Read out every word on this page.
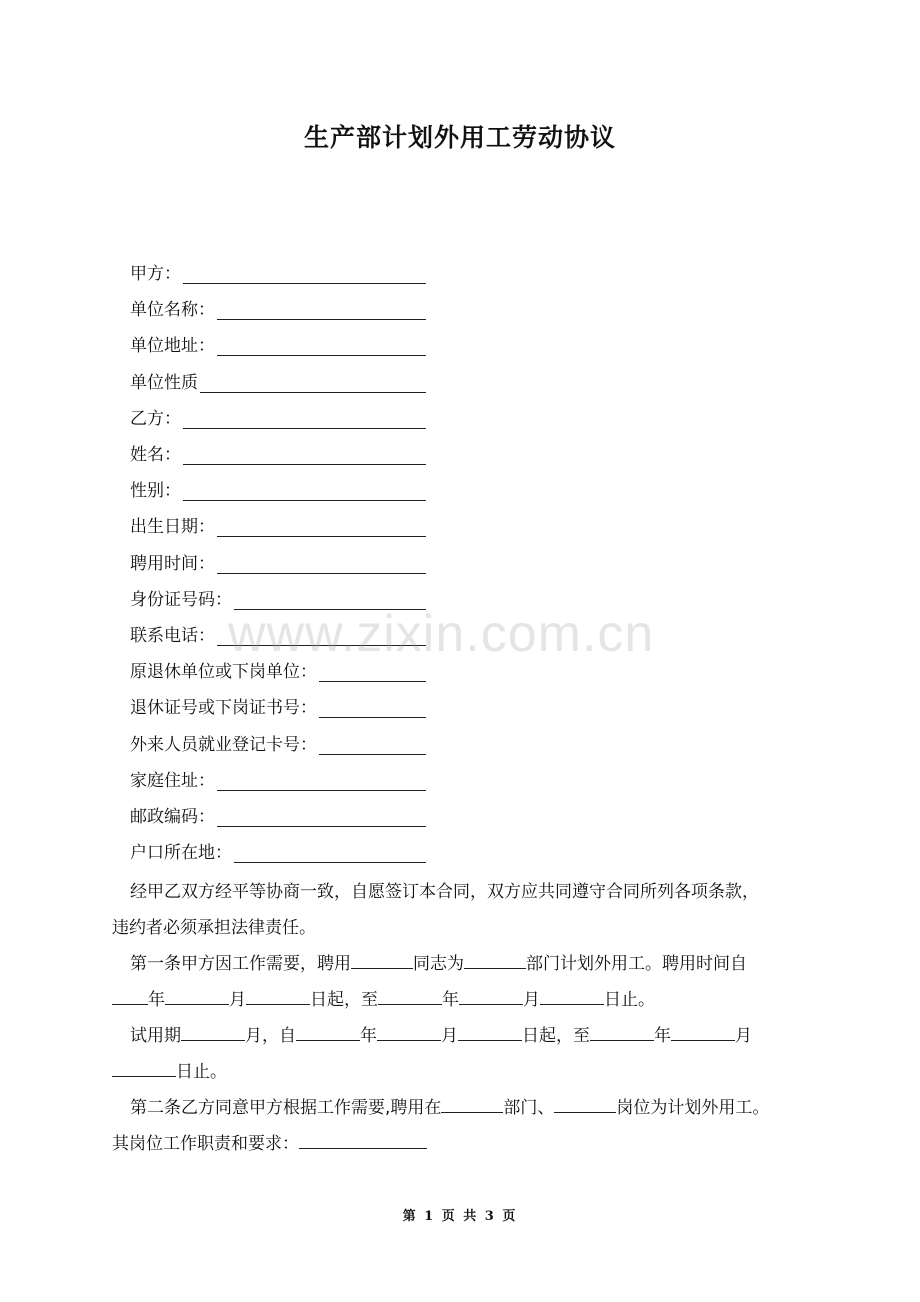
生产部计划外用工劳动协议
甲方：
单位名称：
单位地址：
单位性质
乙方：
姓名：
性别：
出生日期：
聘用时间：
身份证号码：
联系电话：
原退休单位或下岗单位：
退休证号或下岗证书号：
外来人员就业登记卡号：
家庭住址：
邮政编码：
户口所在地：
经甲乙双方经平等协商一致，自愿签订本合同，双方应共同遵守合同所列各项条款，
违约者必须承担法律责任。
第一条甲方因工作需要，聘用	同志为	部门计划外用工。聘用时间自
年	月	日起，至	年	月	日止。
试用期	月，自	年	月	日起，至	年	月
日止。
第二条乙方同意甲方根据工作需要,聘用在	部门、	岗位为计划外用工。
其岗位工作职责和要求：
www.zixin.com.cn
第 1 页 共 3 页
